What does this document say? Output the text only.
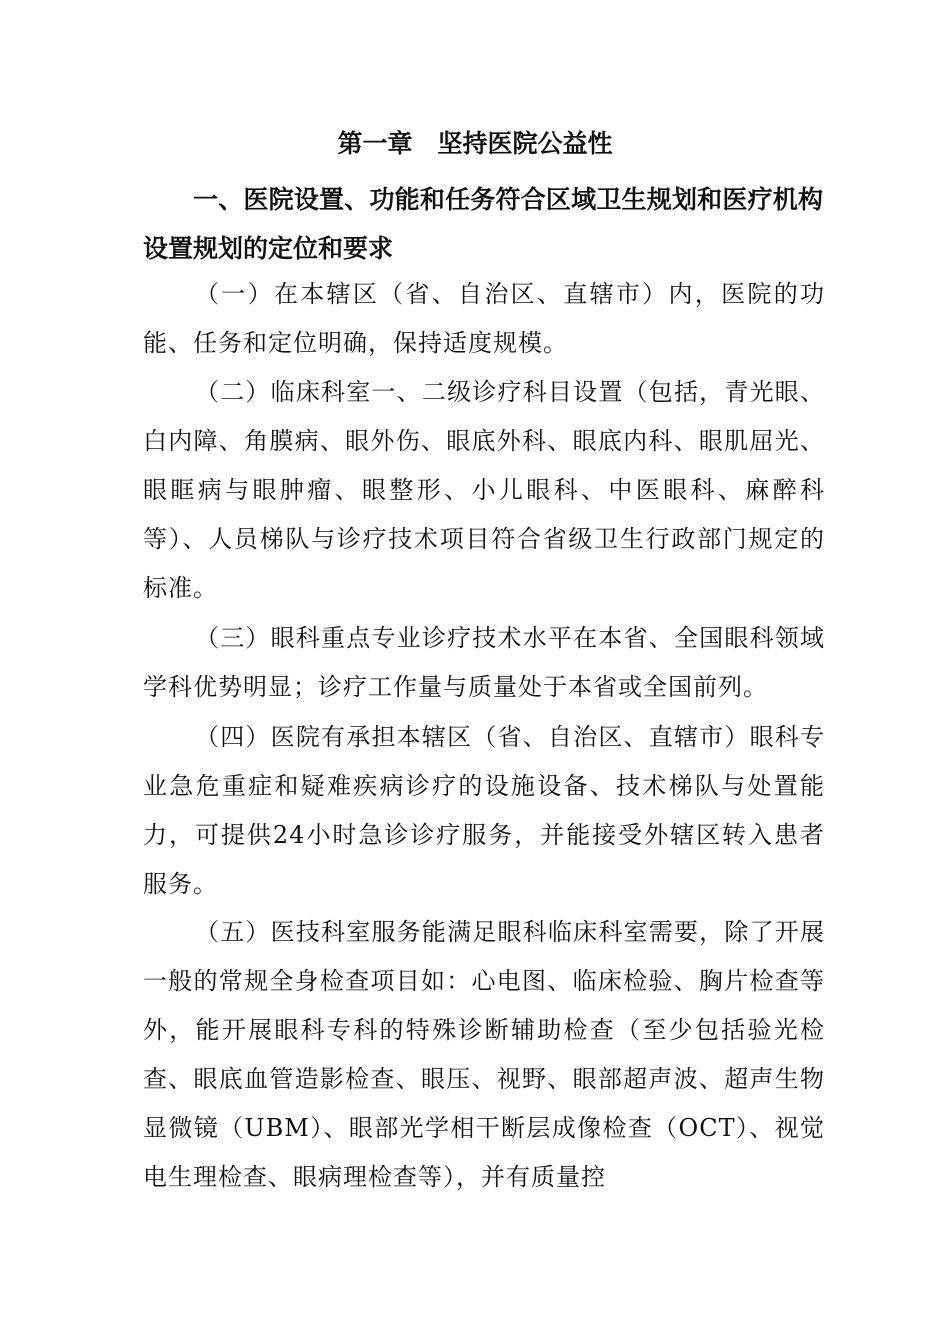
第一章　坚持医院公益性
一、医院设置、功能和任务符合区域卫生规划和医疗机构设置规划的定位和要求
（一）在本辖区（省、自治区、直辖市）内，医院的功能、任务和定位明确，保持适度规模。
（二）临床科室一、二级诊疗科目设置（包括，青光眼、白内障、角膜病、眼外伤、眼底外科、眼底内科、眼肌屈光、眼眶病与眼肿瘤、眼整形、小儿眼科、中医眼科、麻醉科等）、人员梯队与诊疗技术项目符合省级卫生行政部门规定的标准。
（三）眼科重点专业诊疗技术水平在本省、全国眼科领域学科优势明显；诊疗工作量与质量处于本省或全国前列。
（四）医院有承担本辖区（省、自治区、直辖市）眼科专业急危重症和疑难疾病诊疗的设施设备、技术梯队与处置能力，可提供24小时急诊诊疗服务，并能接受外辖区转入患者服务。
（五）医技科室服务能满足眼科临床科室需要，除了开展一般的常规全身检查项目如：心电图、临床检验、胸片检查等外，能开展眼科专科的特殊诊断辅助检查（至少包括验光检查、眼底血管造影检查、眼压、视野、眼部超声波、超声生物显微镜（UBM）、眼部光学相干断层成像检查（OCT）、视觉电生理检查、眼病理检查等），并有质量控
